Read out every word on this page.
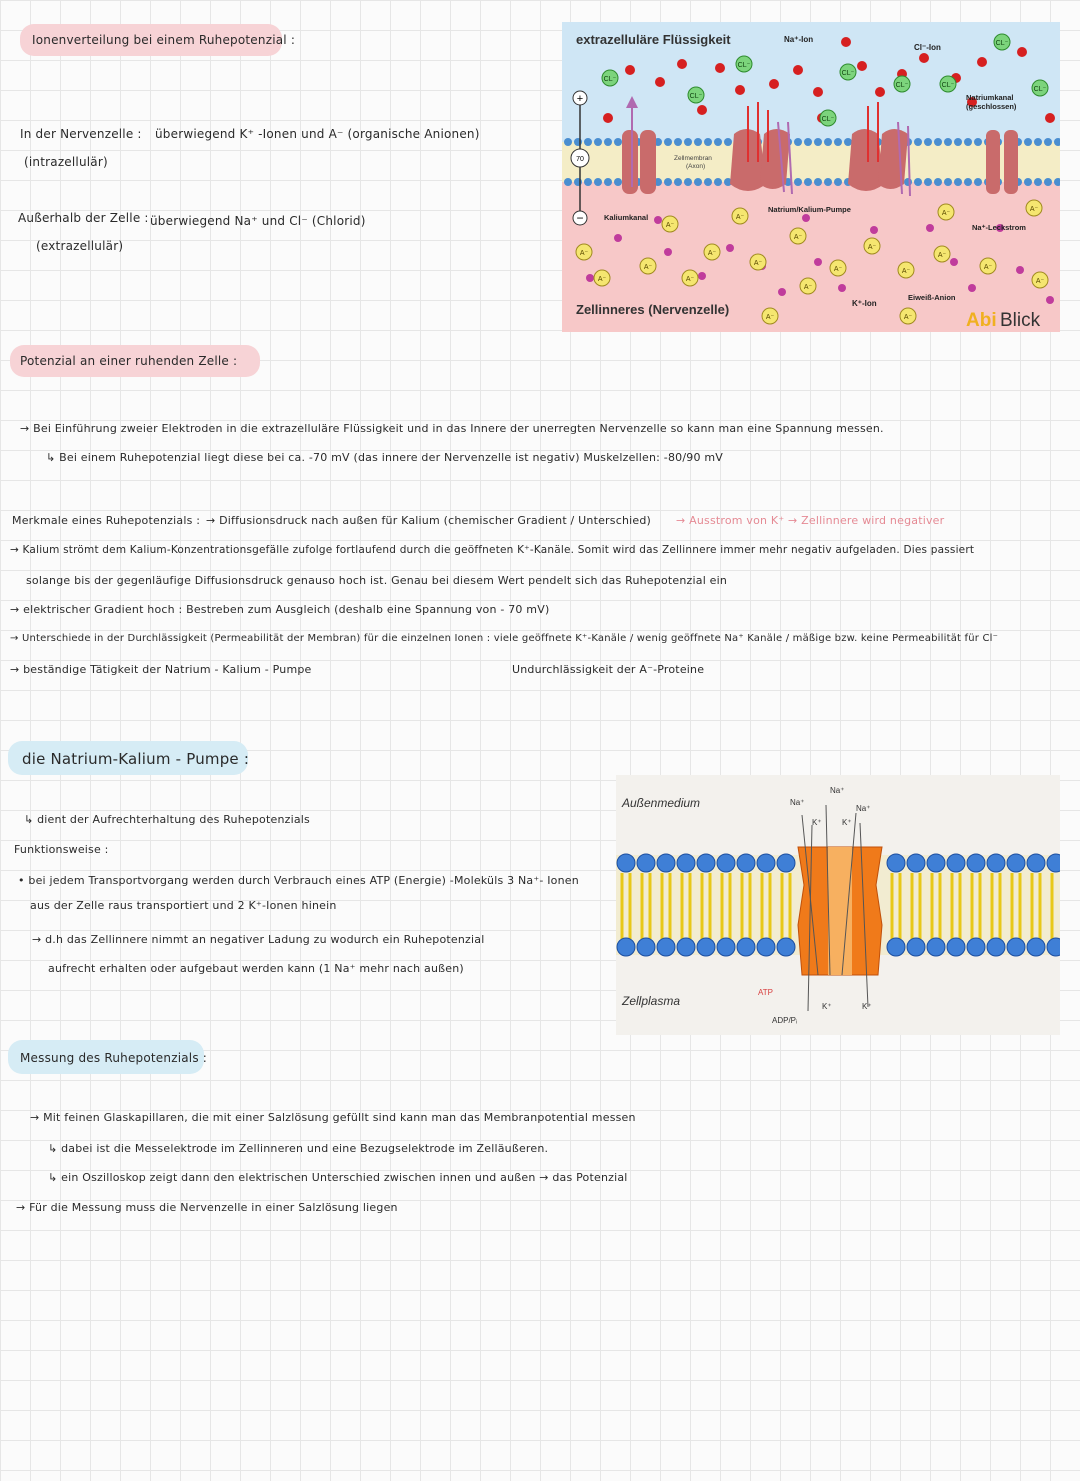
Ionenverteilung bei einem Ruhepotenzial :
In der Nervenzelle :
(intrazellulär)
überwiegend K⁺ -Ionen und A⁻ (organische Anionen)
Außerhalb der Zelle :
(extrazellulär)
überwiegend Na⁺ und Cl⁻ (Chlorid)
CL⁻
CL⁻
CL⁻
CL⁻
CL⁻
CL⁻	CL⁻
CL⁻
CL⁻
A⁻
A⁻
A⁻
A⁻
A⁻
A⁻
A⁻
A⁻
A⁻
A⁻
A⁻
A⁻
A⁻
A⁻
A⁻
A⁻
A⁻
A⁻
A⁻
A⁻
+
70
−
extrazelluläre Flüssigkeit
Zellinneres (Nervenzelle)
Na⁺-Ion
Cl⁻-Ion
Natriumkanal
(geschlossen)
Zellmembran
(Axon)
Kaliumkanal
Natrium/Kalium-Pumpe
Na⁺-Leckstrom
K⁺-Ion
Eiweiß-Anion
Abi Blick
Potenzial an einer ruhenden Zelle :
→ Bei Einführung zweier Elektroden in die extrazelluläre Flüssigkeit und in das Innere der unerregten Nervenzelle so kann man eine Spannung messen.
↳ Bei einem Ruhepotenzial liegt diese bei ca. -70 mV (das innere der Nervenzelle ist negativ) Muskelzellen: -80/90 mV
Merkmale eines Ruhepotenzials : → Diffusionsdruck nach außen für Kalium (chemischer Gradient / Unterschied) → Ausstrom von K⁺ → Zellinnere wird negativer
→ Kalium strömt dem Kalium-Konzentrationsgefälle zufolge fortlaufend durch die geöffneten K⁺-Kanäle. Somit wird das Zellinnere immer mehr negativ aufgeladen. Dies passiert
solange bis der gegenläufige Diffusionsdruck genauso hoch ist. Genau bei diesem Wert pendelt sich das Ruhepotenzial ein
→ elektrischer Gradient hoch : Bestreben zum Ausgleich (deshalb eine Spannung von - 70 mV)
→ Unterschiede in der Durchlässigkeit (Permeabilität der Membran) für die einzelnen Ionen : viele geöffnete K⁺-Kanäle / wenig geöffnete Na⁺ Kanäle / mäßige bzw. keine Permeabilität für Cl⁻
→ beständige Tätigkeit der Natrium - Kalium - Pumpe	Undurchlässigkeit der A⁻-Proteine
die Natrium-Kalium - Pumpe :
↳ dient der Aufrechterhaltung des Ruhepotenzials
Funktionsweise :
• bei jedem Transportvorgang werden durch Verbrauch eines ATP (Energie) -Moleküls 3 Na⁺- Ionen
aus der Zelle raus transportiert und 2 K⁺-Ionen hinein
→ d.h das Zellinnere nimmt an negativer Ladung zu wodurch ein Ruhepotenzial
aufrecht erhalten oder aufgebaut werden kann (1 Na⁺ mehr nach außen)
Na⁺
Na⁺
Na⁺
K⁺	K⁺
K⁺	K⁺
ATP
ADP/Pᵢ
Außenmedium
Zellplasma
Messung des Ruhepotenzials :
→ Mit feinen Glaskapillaren, die mit einer Salzlösung gefüllt sind kann man das Membranpotential messen
↳ dabei ist die Messelektrode im Zellinneren und eine Bezugselektrode im Zelläußeren.
↳ ein Oszilloskop zeigt dann den elektrischen Unterschied zwischen innen und außen → das Potenzial
→ Für die Messung muss die Nervenzelle in einer Salzlösung liegen
